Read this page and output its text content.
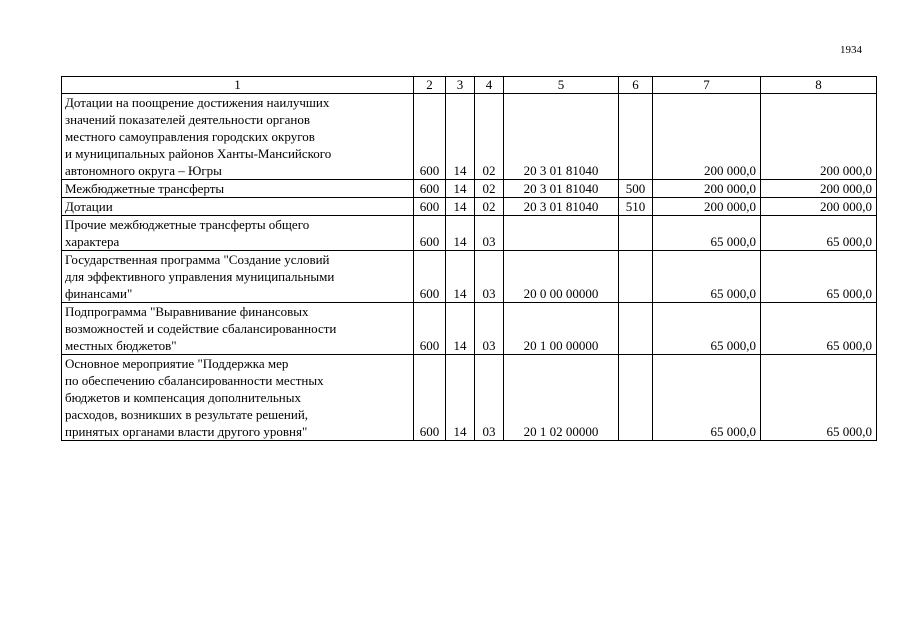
1934
1	2	3	4	5	6	7	8

Дотации на поощрение достижения наилучших
значений показателей деятельности органов
местного самоуправления городских округов
и муниципальных районов Ханты-Мансийского
автономного округа – Югры	600	14	02	20 3 01 81040		200 000,0	200 000,0

Межбюджетные трансферты	600	14	02	20 3 01 81040	500	200 000,0	200 000,0

Дотации	600	14	02	20 3 01 81040	510	200 000,0	200 000,0

Прочие межбюджетные трансферты общего
характера	600	14	03			65 000,0	65 000,0

Государственная программа "Создание условий
для эффективного управления муниципальными
финансами"	600	14	03	20 0 00 00000		65 000,0	65 000,0

Подпрограмма "Выравнивание финансовых
возможностей и содействие сбалансированности
местных бюджетов"	600	14	03	20 1 00 00000		65 000,0	65 000,0

Основное мероприятие "Поддержка мер
по обеспечению сбалансированности местных
бюджетов и компенсация дополнительных
расходов, возникших в результате решений,
принятых органами власти другого уровня"	600	14	03	20 1 02 00000		65 000,0	65 000,0
